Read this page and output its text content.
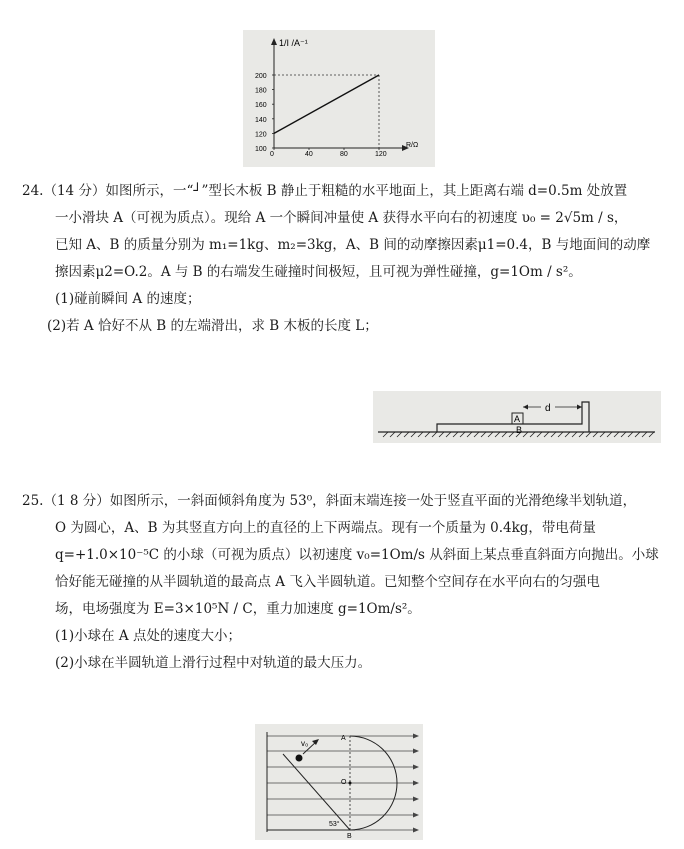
1/I /A⁻¹
R/Ω
200
180
160
140
120
100
0	40	80	120
24.（14 分）如图所示，一“┘”型长木板 B 静止于粗糙的水平地面上，其上距离右端 d=0.5m 处放置
一小滑块 A（可视为质点）。现给 A 一个瞬间冲量使 A 获得水平向右的初速度 υ₀ = 2√5m / s，
已知 A、B 的质量分别为 m₁=1kg、m₂=3kg，A、B 间的动摩擦因素μ1=0.4，B 与地面间的动摩
擦因素μ2=O.2。A 与 B 的右端发生碰撞时间极短，且可视为弹性碰撞，g=1Om / s²。
(1)碰前瞬间 A 的速度；
(2)若 A 恰好不从 B 的左端滑出，求 B 木板的长度 L；
A
B
d
25.（1 8 分）如图所示，一斜面倾斜角度为 53⁰，斜面末端连接一处于竖直平面的光滑绝缘半划轨道，
O 为圆心，A、B 为其竖直方向上的直径的上下两端点。现有一个质量为 0.4kg，带电荷量
q=+1.0×10⁻⁵C 的小球（可视为质点）以初速度 v₀=1Om/s 从斜面上某点垂直斜面方向抛出。小球
恰好能无碰撞的从半圆轨道的最高点 A 飞入半圆轨道。已知整个空间存在水平向右的匀强电
场，电场强度为 E=3×10⁵N / C，重力加速度 g=1Om/s²。
(1)小球在 A 点处的速度大小；
(2)小球在半圆轨道上滑行过程中对轨道的最大压力。
v₀
A
O
B
53°
